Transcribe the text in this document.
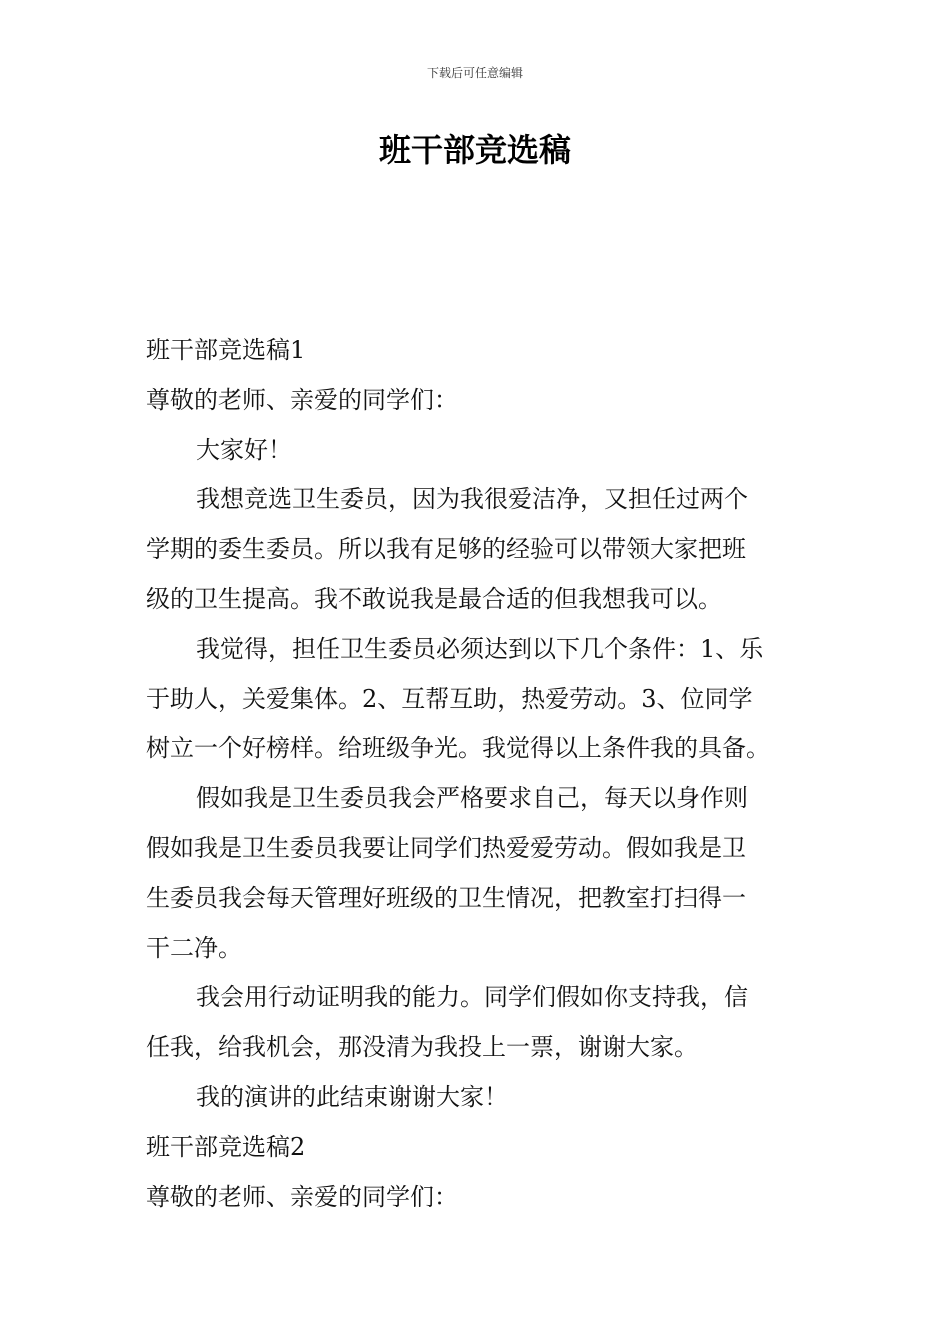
下载后可任意编辑
班干部竞选稿

班干部竞选稿1

尊敬的老师、亲爱的同学们：

大家好！

我想竞选卫生委员，因为我很爱洁净，又担任过两个

学期的委生委员。所以我有足够的经验可以带领大家把班

级的卫生提高。我不敢说我是最合适的但我想我可以。

我觉得，担任卫生委员必须达到以下几个条件：1、乐

于助人，关爱集体。2、互帮互助，热爱劳动。3、位同学

树立一个好榜样。给班级争光。我觉得以上条件我的具备。

假如我是卫生委员我会严格要求自己，每天以身作则

假如我是卫生委员我要让同学们热爱爱劳动。假如我是卫

生委员我会每天管理好班级的卫生情况，把教室打扫得一

干二净。

我会用行动证明我的能力。同学们假如你支持我，信

任我，给我机会，那没清为我投上一票，谢谢大家。

我的演讲的此结束谢谢大家！

班干部竞选稿2

尊敬的老师、亲爱的同学们：
